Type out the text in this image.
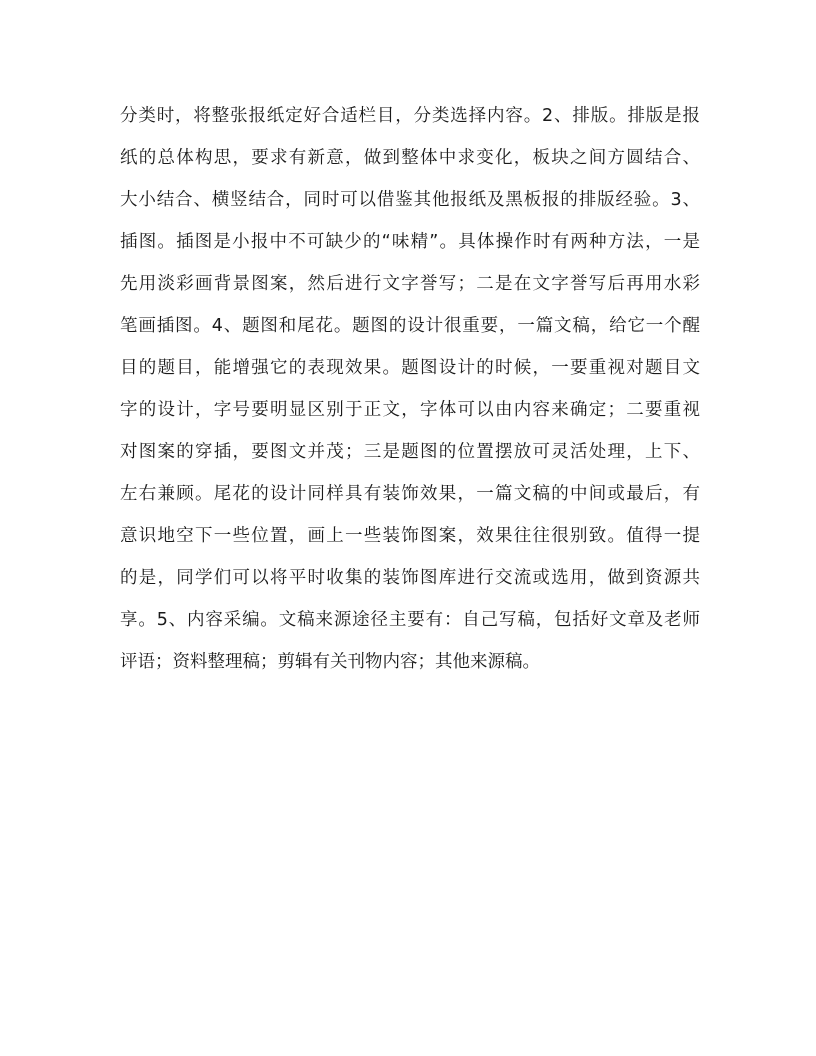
分类时，将整张报纸定好合适栏目，分类选择内容。2、排版。排版是报
纸的总体构思，要求有新意，做到整体中求变化，板块之间方圆结合、
大小结合、横竖结合，同时可以借鉴其他报纸及黑板报的排版经验。3、
插图。插图是小报中不可缺少的“味精”。具体操作时有两种方法，一是
先用淡彩画背景图案，然后进行文字誉写；二是在文字誉写后再用水彩
笔画插图。4、题图和尾花。题图的设计很重要，一篇文稿，给它一个醒
目的题目，能增强它的表现效果。题图设计的时候，一要重视对题目文
字的设计，字号要明显区别于正文，字体可以由内容来确定；二要重视
对图案的穿插，要图文并茂；三是题图的位置摆放可灵活处理，上下、
左右兼顾。尾花的设计同样具有装饰效果，一篇文稿的中间或最后，有
意识地空下一些位置，画上一些装饰图案，效果往往很别致。值得一提
的是，同学们可以将平时收集的装饰图库进行交流或选用，做到资源共
享。5、内容采编。文稿来源途径主要有：自己写稿，包括好文章及老师
评语；资料整理稿；剪辑有关刊物内容；其他来源稿。
